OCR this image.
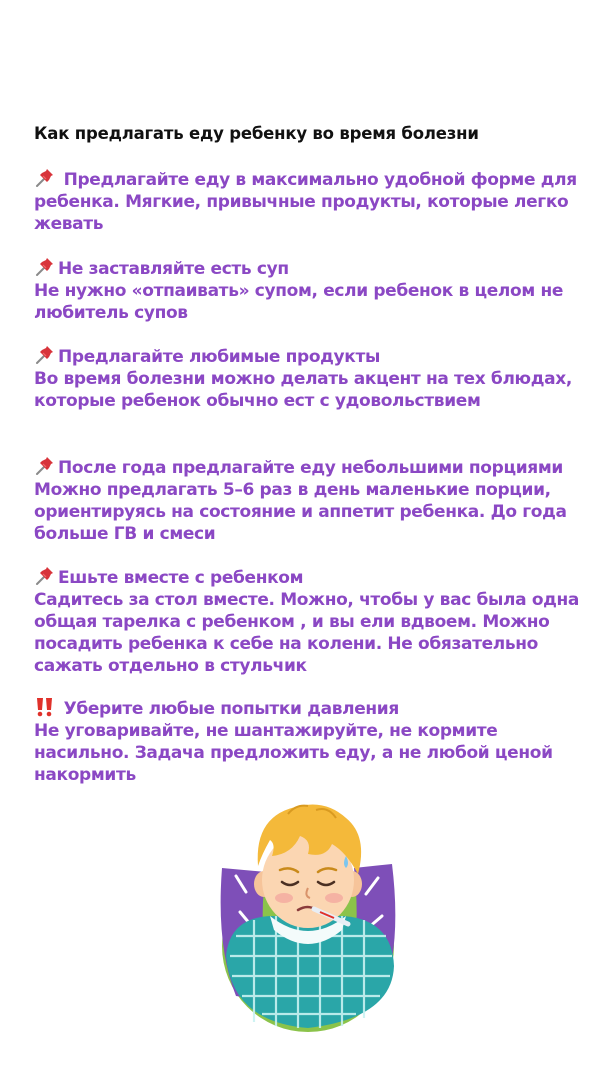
Как предлагать еду ребенку во время болезни
Предлагайте еду в максимально удобной форме для ребенка. Мягкие, привычные продукты, которые легко жевать
Не заставляйте есть суп
Не нужно «отпаивать» супом, если ребенок в целом не любитель супов
Предлагайте любимые продукты
Во время болезни можно делать акцент на тех блюдах, которые ребенок обычно ест с удовольствием
После года предлагайте еду небольшими порциями
Можно предлагать 5–6 раз в день маленькие порции, ориентируясь на состояние и аппетит ребенка. До года больше ГВ и смеси
Ешьте вместе с ребенком
Садитесь за стол вместе. Можно, чтобы у вас была одна общая тарелка с ребенком , и вы ели вдвоем. Можно посадить ребенка к себе на колени. Не обязательно сажать отдельно в стульчик
Уберите любые попытки давления
Не уговаривайте, не шантажируйте, не кормите насильно. Задача предложить еду, а не любой ценой накормить
